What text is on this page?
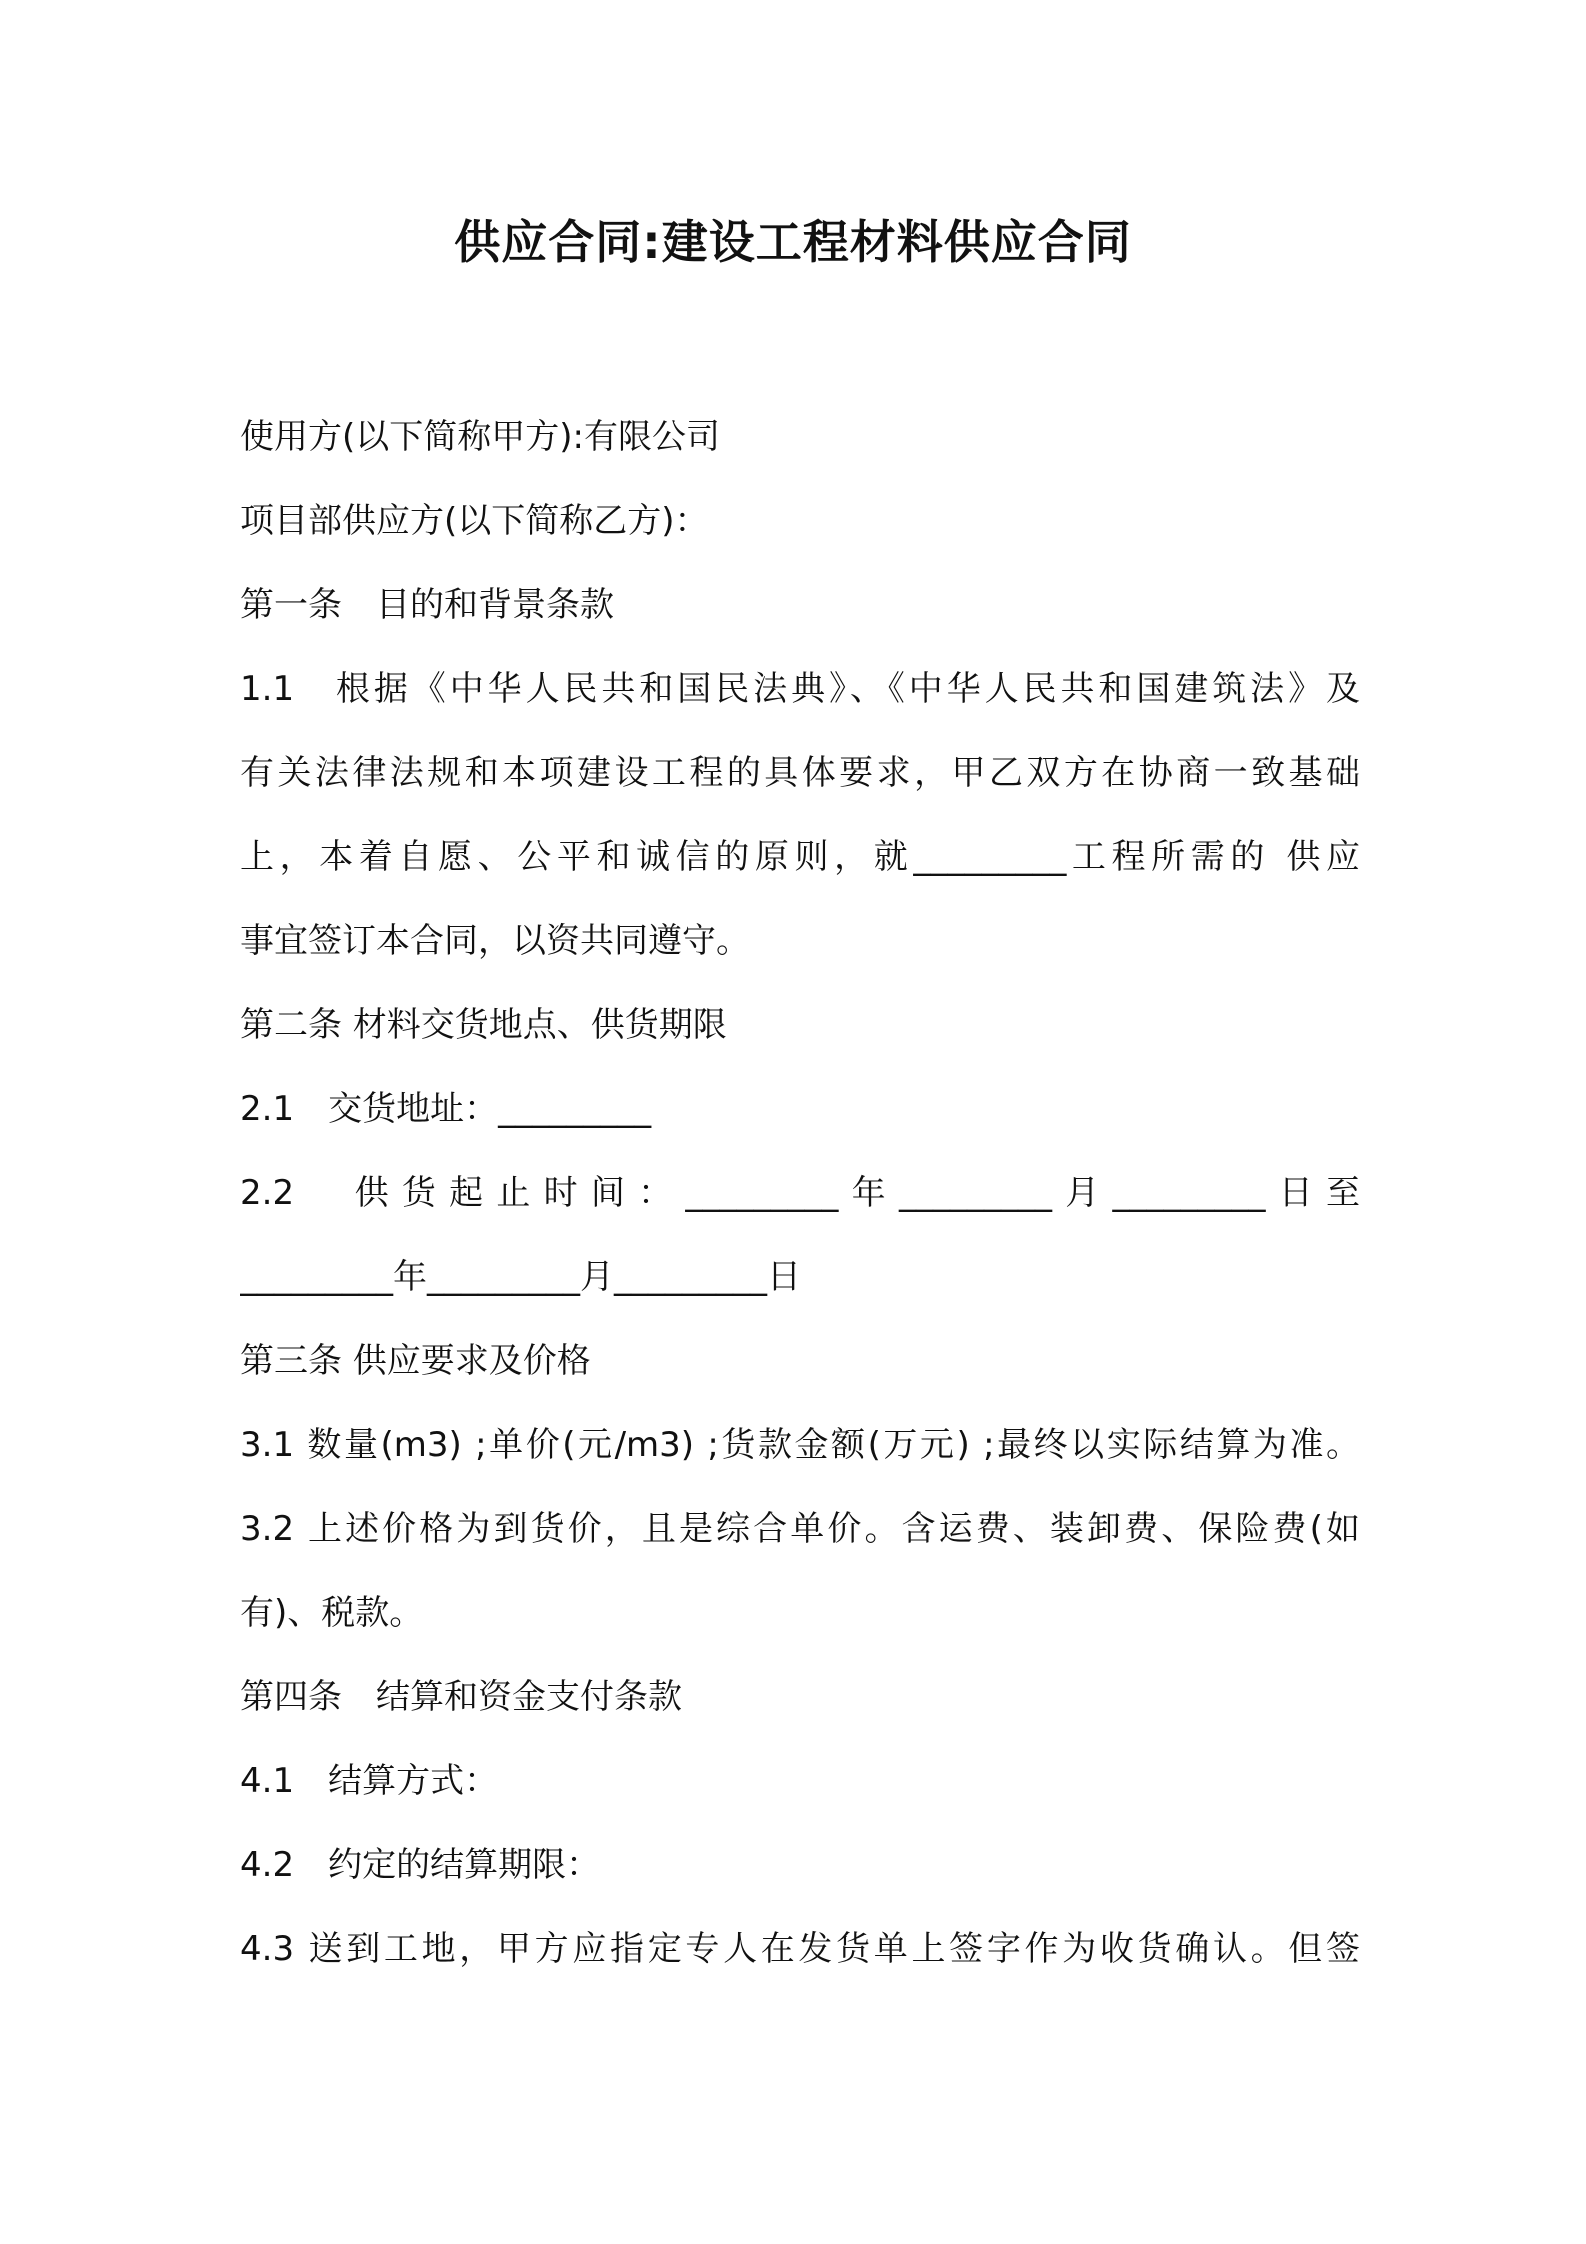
供应合同:建设工程材料供应合同
使用方(以下简称甲方):有限公司
项目部供应方(以下简称乙方)：
第一条　目的和背景条款
1.1　根据《中华人民共和国民法典》、《中华人民共和国建筑法》及
有关法律法规和本项建设工程的具体要求，甲乙双方在协商一致基础
上，本着自愿、公平和诚信的原则，就_________工程所需的 供应
事宜签订本合同，以资共同遵守。
第二条 材料交货地点、供货期限
2.1　交货地址：_________
2.2　供货起止时间：_________年_________月_________日至
_________年_________月_________日
第三条 供应要求及价格
3.1 数量(m3) ;单价(元/m3) ;货款金额(万元) ;最终以实际结算为准。
3.2 上述价格为到货价，且是综合单价。含运费、装卸费、保险费(如
有)、税款。
第四条　结算和资金支付条款
4.1　结算方式：
4.2　约定的结算期限：
4.3 送到工地，甲方应指定专人在发货单上签字作为收货确认。但签
